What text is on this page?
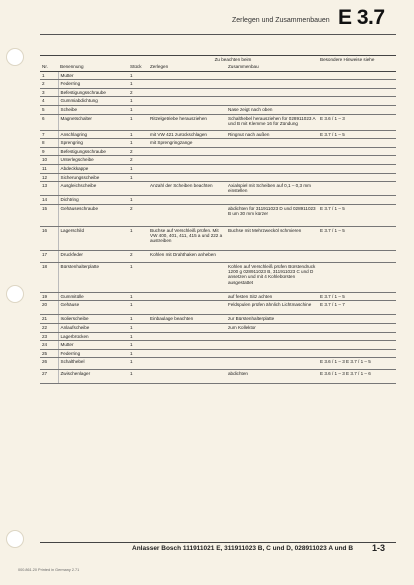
Zerlegen und Zusammenbauen E 3.7
Nr.	Benennung	Stück	Zu beachten beim		Besondere Hinweise siehe
			Zerlegen	Zusammenbau	
1	Mutter	1			
2	Federring	1			
3	Befestigungsschraube	2			
4	Gummiabdichtung	1			
5	Scheibe	1		Nase zeigt nach oben	
6	Magnetschalter	1	Ritzelgetriebe herausziehen	Schalthebel herausziehen für 028911023 A und B mit Klemme 16 für Zündung	E 3.6 / 1 – 3
7	Anschlagring	1	mit VW 421 zurückschlagen	Ringnut nach außen	E 3.7 / 1 – 5
8	Sprengring	1	mit Sprengringzange		
9	Befestigungsschraube	2			
10	Unterlegscheibe	2			
11	Abdeckkappe	1			
12	Sicherungsscheibe	1			
13	Ausgleichscheibe		Anzahl der Scheiben beachten	Axialspiel mit Scheiben auf 0,1 – 0,3 mm einstellen	
14	Dichtring	1			
15	Gehäuseschraube	2		abdichten für 311911023 D und 028911023 B um 30 mm kürzer	E 3.7 / 1 – 5
16	Lagerschild	1	Buchse auf Verschleiß prüfen. Mit VW 400, 401, 411, 415 a und 222 a austreiben	Buchse mit Mehrzwecköl schmieren	E 3.7 / 1 – 5
17	Druckfeder	2	Kohlen mit Drahthaken anheben		
18	Bürstenhalterplatte	1		Kohlen auf Verschleiß prüfen Bürstendruck 1200 g 028911023 B, 311911023 C und D ansetzen und mit 4 Kohlebürsten ausgestattet	
19	Gummitülle	1		auf festen Sitz achten	E 3.7 / 1 – 5
20	Gehäuse	1		Feldspulen prüfen ähnlich Lichtmaschine	E 3.7 / 1 – 7
21	Isolierscheibe	1	Einbaulage beachten	zur Bürstenhalterplatte	
22	Anlaufscheibe	1		zum Kollektor	
23	Lagerbrücken	1			
24	Mutter	1			
25	Federring	1			
26	Schalthebel	1			E 3.6 / 1 – 3 E 3.7 / 1 – 5
27	Zwischenlager	1		abdichten	E 3.6 / 1 – 3 E 3.7 / 1 – 6
Anlasser Bosch 111911021 E, 311911023 B, C und D, 028911023 A und B 1-3
000.861.20 Printed in Germany 2.71
